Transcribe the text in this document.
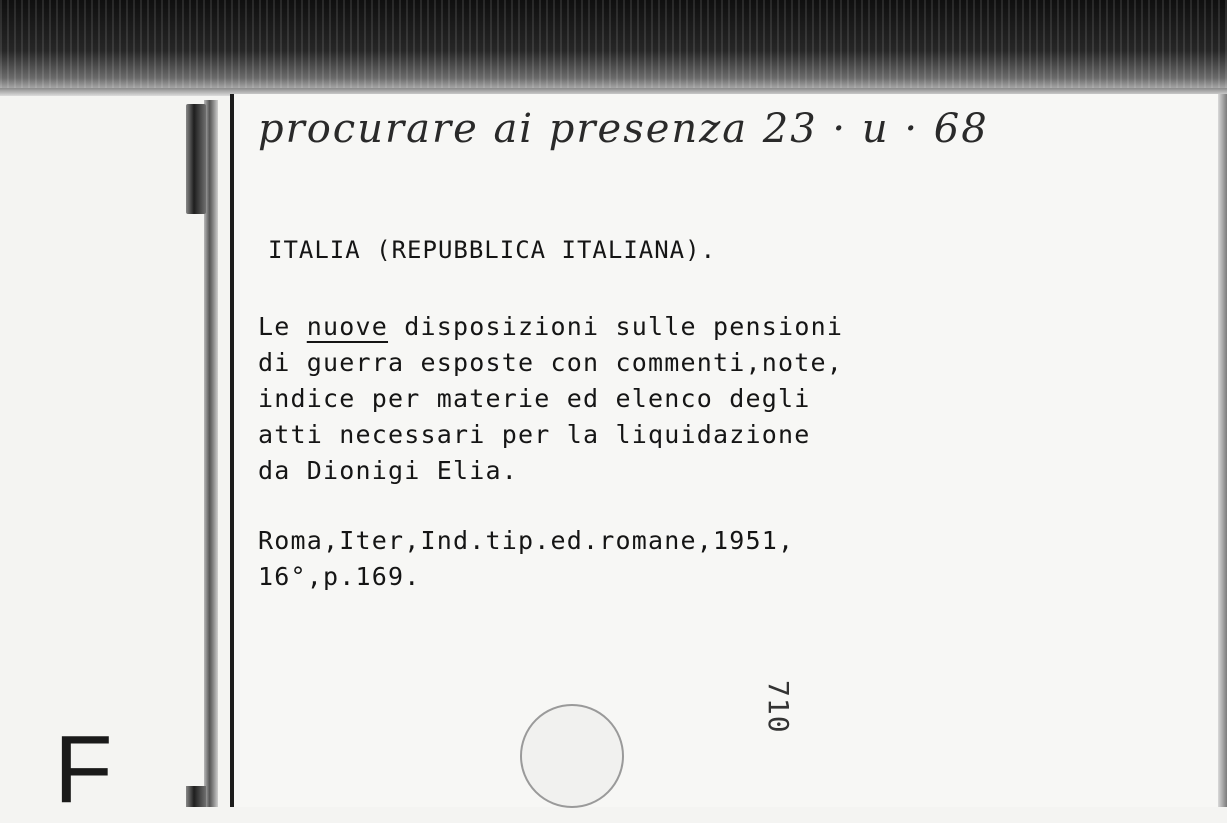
procurare ai presenza 23 · u · 68
ITALIA (REPUBBLICA ITALIANA).
Le nuove disposizioni sulle pensioni
di guerra esposte con commenti,note,
indice per materie ed elenco degli
atti necessari per la liquidazione
da Dionigi Elia.
Roma,Iter,Ind.tip.ed.romane,1951,
16°,p.169.
F
710
